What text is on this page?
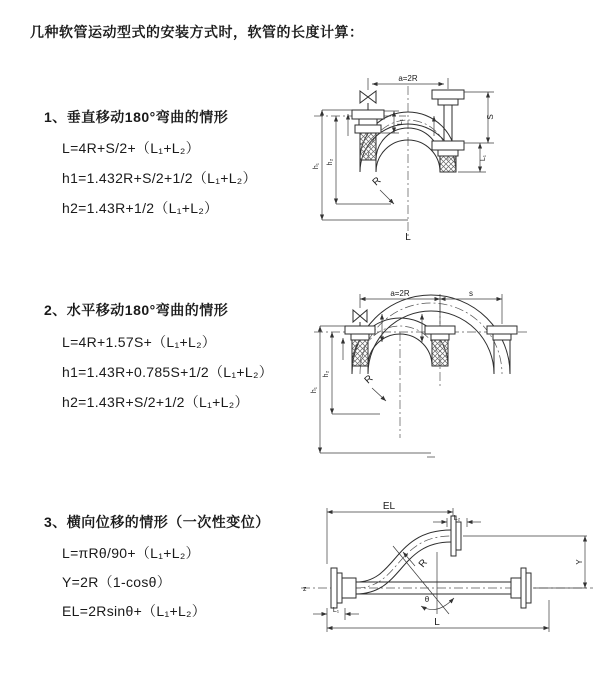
几种软管运动型式的安装方式时，软管的长度计算：
1、垂直移动180°弯曲的情形
L=4R+S/2+（L₁+L₂）
h1=1.432R+S/2+1/2（L₁+L₂）
h2=1.43R+1/2（L₁+L₂）
a=2R
L₁
S
L₁
h₁
h₂
R
L
2、水平移动180°弯曲的情形
L=4R+1.57S+（L₁+L₂）
h1=1.43R+0.785S+1/2（L₁+L₂）
h2=1.43R+S/2+1/2（L₁+L₂）
a=2R	s
h₁
h₂	R
3、横向位移的情形（一次性变位）
L=πRθ/90+（L₁+L₂）
Y=2R（1-cosθ）
EL=2Rsinθ+（L₁+L₂）
EL
L₂
Y
R
θ
L₁
L
z
